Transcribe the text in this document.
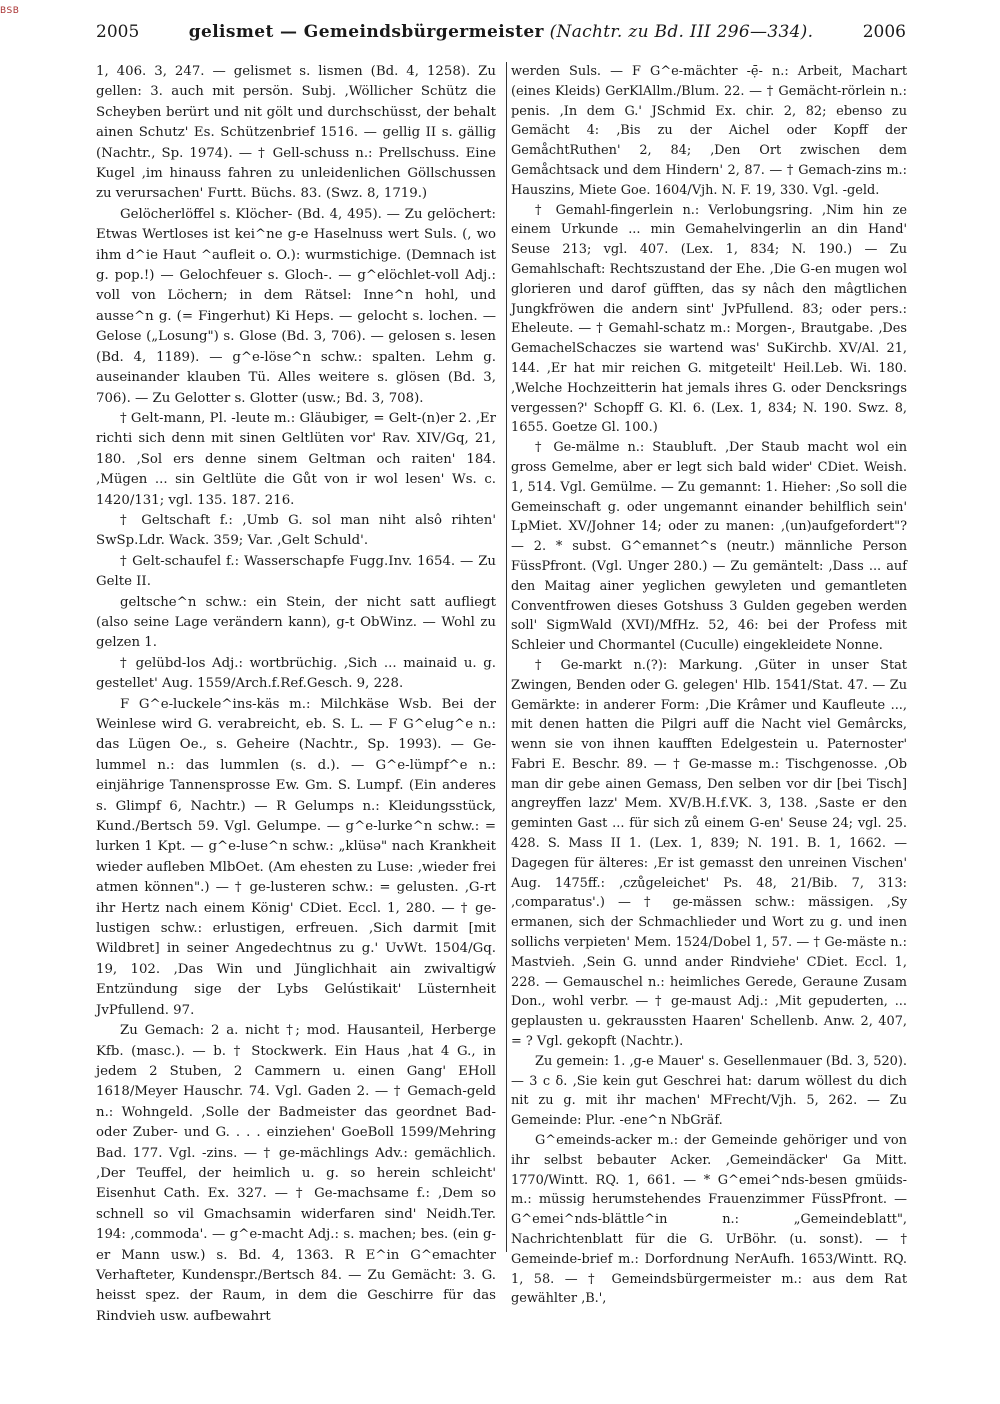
BSB
2005	gelismet — Gemeindsbürgermeister (Nachtr. zu Bd. III 296—334).	2006

1, 406. 3, 247. — gelismet s. lismen (Bd. 4, 1258). Zu gellen: 3. auch mit persön. Subj. ‚Wöllicher Schütz die Scheyben berürt und nit gölt und durchschüsst, der behalt ainen Schutz' Es. Schützenbrief 1516. — gellig II s. gällig (Nachtr., Sp. 1974). — † Gell-schuss n.: Prellschuss. Eine Kugel ‚im hinauss fahren zu unleidenlichen Göllschussen zu verursachen' Furtt. Büchs. 83. (Swz. 8, 1719.)

Gelöcherlöffel s. Klöcher- (Bd. 4, 495). — Zu gelöchert: Etwas Wertloses ist kei^ne g-e Haselnuss wert Suls. (, wo ihm d^ie Haut ^aufleit o. O.): wurmstichige. (Demnach ist g. pop.!) — Gelochfeuer s. Gloch-. — g^elöchlet-voll Adj.: voll von Löchern; in dem Rätsel: Inne^n hohl, und ausse^n g. (= Fingerhut) Ki Heps. — gelocht s. lochen. — Gelose („Losung") s. Glose (Bd. 3, 706). — gelosen s. lesen (Bd. 4, 1189). — g^e-löse^n schw.: spalten. Lehm g. auseinander klauben Tü. Alles weitere s. glösen (Bd. 3, 706). — Zu Gelotter s. Glotter (usw.; Bd. 3, 708).

† Gelt-mann, Pl. -leute m.: Gläubiger, = Gelt-(n)er 2. ‚Er richti sich denn mit sinen Geltlüten vor' Rav. XIV/Gq, 21, 180. ‚Sol ers denne sinem Geltman och raiten' 184. ‚Mügen ... sin Geltlüte die Gůt von ir wol lesen' Ws. c. 1420/131; vgl. 135. 187. 216.

† Geltschaft f.: ‚Umb G. sol man niht alsô rihten' SwSp.Ldr. Wack. 359; Var. ‚Gelt Schuld'.

† Gelt-schaufel f.: Wasserschapfe Fugg.Inv. 1654. — Zu Gelte II.

geltsche^n schw.: ein Stein, der nicht satt aufliegt (also seine Lage verändern kann), g-t ObWinz. — Wohl zu gelzen 1.

† gelübd-los Adj.: wortbrüchig. ‚Sich ... mainaid u. g. gestellet' Aug. 1559/Arch.f.Ref.Gesch. 9, 228.

F G^e-luckele^ins-käs m.: Milchkäse Wsb. Bei der Weinlese wird G. verabreicht, eb. S. L. — F G^elug^e n.: das Lügen Oe., s. Geheire (Nachtr., Sp. 1993). — Ge-lummel n.: das lummlen (s. d.). — G^e-lümpf^e n.: einjährige Tannensprosse Ew. Gm. S. Lumpf. (Ein anderes s. Glimpf 6, Nachtr.) — R Gelumps n.: Kleidungsstück, Kund./Bertsch 59. Vgl. Gelumpe. — g^e-lurke^n schw.: = lurken 1 Kpt. — g^e-luse^n schw.: „klüsə" nach Krankheit wieder aufleben MlbOet. (Am ehesten zu Luse: ‚wieder frei atmen können".) — † ge-lusteren schw.: = gelusten. ‚G-rt ihr Hertz nach einem König' CDiet. Eccl. 1, 280. — † ge-lustigen schw.: erlustigen, erfreuen. ‚Sich darmit [mit Wildbret] in seiner Angedechtnus zu g.' UvWt. 1504/Gq. 19, 102. ‚Das Win und Jünglichhait ain zwivaltigẃ Entzündung sige der Lybs Gelústikait' Lüsternheit JvPfullend. 97.

Zu Gemach: 2 a. nicht †; mod. Hausanteil, Herberge Kfb. (masc.). — b. † Stockwerk. Ein Haus ‚hat 4 G., in jedem 2 Stuben, 2 Cammern u. einen Gang' EHoll 1618/Meyer Hauschr. 74. Vgl. Gaden 2. — † Gemach-geld n.: Wohngeld. ‚Solle der Badmeister das geordnet Bad- oder Zuber- und G. . . . einziehen' GoeBoll 1599/Mehring Bad. 177. Vgl. -zins. — † ge-mächlings Adv.: gemächlich. ‚Der Teuffel, der heimlich u. g. so herein schleicht' Eisenhut Cath. Ex. 327. — † Ge-machsame f.: ‚Dem so schnell so vil Gmachsamin widerfaren sind' Neidh.Ter. 194: ‚commoda'. — g^e-macht Adj.: s. machen; bes. (ein g-er Mann usw.) s. Bd. 4, 1363. R E^in G^emachter Verhafteter, Kundenspr./Bertsch 84. — Zu Gemächt: 3. G. heisst spez. der Raum, in dem die Geschirre für das Rindvieh usw. aufbewahrt

werden Suls. — F G^e-mächter -ẹ̄- n.: Arbeit, Machart (eines Kleids) GerKlAllm./Blum. 22. — † Gemächt-rörlein n.: penis. ‚In dem G.' JSchmid Ex. chir. 2, 82; ebenso zu Gemächt 4: ‚Bis zu der Aichel oder Kopff der GemåchtRuthen' 2, 84; ‚Den Ort zwischen dem Gemåchtsack und dem Hindern' 2, 87. — † Gemach-zins m.: Hauszins, Miete Goe. 1604/Vjh. N. F. 19, 330. Vgl. -geld.

† Gemahl-fingerlein n.: Verlobungsring. ‚Nim hin ze einem Urkunde ... min Gemahelvingerlin an din Hand' Seuse 213; vgl. 407. (Lex. 1, 834; N. 190.) — Zu Gemahlschaft: Rechtszustand der Ehe. ‚Die G-en mugen wol glorieren und darof güfften, das sy nâch den mâgtlichen Jungkfröwen die andern sint' JvPfullend. 83; oder pers.: Eheleute. — † Gemahl-schatz m.: Morgen-, Brautgabe. ‚Des GemachelSchaczes sie wartend was' SuKirchb. XV/Al. 21, 144. ‚Er hat mir reichen G. mitgeteilt' Heil.Leb. Wi. 180. ‚Welche Hochzeitterin hat jemals ihres G. oder Dencksrings vergessen?' Schopff G. Kl. 6. (Lex. 1, 834; N. 190. Swz. 8, 1655. Goetze Gl. 100.)

† Ge-mälme n.: Staubluft. ‚Der Staub macht wol ein gross Gemelme, aber er legt sich bald wider' CDiet. Weish. 1, 514. Vgl. Gemülme. — Zu gemannt: 1. Hieher: ‚So soll die Gemeinschaft g. oder ungemannt einander behilflich sein' LpMiet. XV/Johner 14; oder zu manen: ‚(un)aufgefordert"? — 2. * subst. G^emannet^s (neutr.) männliche Person FüssPfront. (Vgl. Unger 280.) — Zu gemäntelt: ‚Dass ... auf den Maitag ainer yeglichen gewyleten und gemantleten Conventfrowen dieses Gotshuss 3 Gulden gegeben werden soll' SigmWald (XVI)/MfHz. 52, 46: bei der Profess mit Schleier und Chormantel (Cuculle) eingekleidete Nonne.

† Ge-markt n.(?): Markung. ‚Güter in unser Stat Zwingen, Benden oder G. gelegen' Hlb. 1541/Stat. 47. — Zu Gemärkte: in anderer Form: ‚Die Krâmer und Kaufleute ..., mit denen hatten die Pilgri auff die Nacht viel Gemârcks, wenn sie von ihnen kaufften Edelgestein u. Paternoster' Fabri E. Beschr. 89. — † Ge-masse m.: Tischgenosse. ‚Ob man dir gebe ainen Gemass, Den selben vor dir [bei Tisch] angreyffen lazz' Mem. XV/B.H.f.VK. 3, 138. ‚Saste er den geminten Gast ... für sich zů einem G-en' Seuse 24; vgl. 25. 428. S. Mass II 1. (Lex. 1, 839; N. 191. B. 1, 1662. — Dagegen für älteres: ‚Er ist gemasst den unreinen Vischen' Aug. 1475ff.: ‚czůgeleichet' Ps. 48, 21/Bib. 7, 313: ‚comparatus'.) — † ge-mässen schw.: mässigen. ‚Sy ermanen, sich der Schmachlieder und Wort zu g. und inen sollichs verpieten' Mem. 1524/Dobel 1, 57. — † Ge-mäste n.: Mastvieh. ‚Sein G. unnd ander Rindviehe' CDiet. Eccl. 1, 228. — Gemauschel n.: heimliches Gerede, Geraune Zusam Don., wohl verbr. — † ge-maust Adj.: ‚Mit gepuderten, ... geplausten u. gekraussten Haaren' Schellenb. Anw. 2, 407, = ? Vgl. gekopft (Nachtr.).

Zu gemein: 1. ‚g-e Mauer' s. Gesellenmauer (Bd. 3, 520). — 3 c δ. ‚Sie kein gut Geschrei hat: darum wöllest du dich nit zu g. mit ihr machen' MFrecht/Vjh. 5, 262. — Zu Gemeinde: Plur. -ene^n NbGräf.

G^emeinds-acker m.: der Gemeinde gehöriger und von ihr selbst bebauter Acker. ‚Gemeindäcker' Ga Mitt. 1770/Wintt. RQ. 1, 661. — * G^emei^nds-besen gmüids- m.: müssig herumstehendes Frauenzimmer FüssPfront. — G^emei^nds-blättle^in n.: „Gemeindeblatt", Nachrichtenblatt für die G. UrBöhr. (u. sonst). — † Gemeinde-brief m.: Dorfordnung NerAufh. 1653/Wintt. RQ. 1, 58. — † Gemeindsbürgermeister m.: aus dem Rat gewählter ‚B.',
